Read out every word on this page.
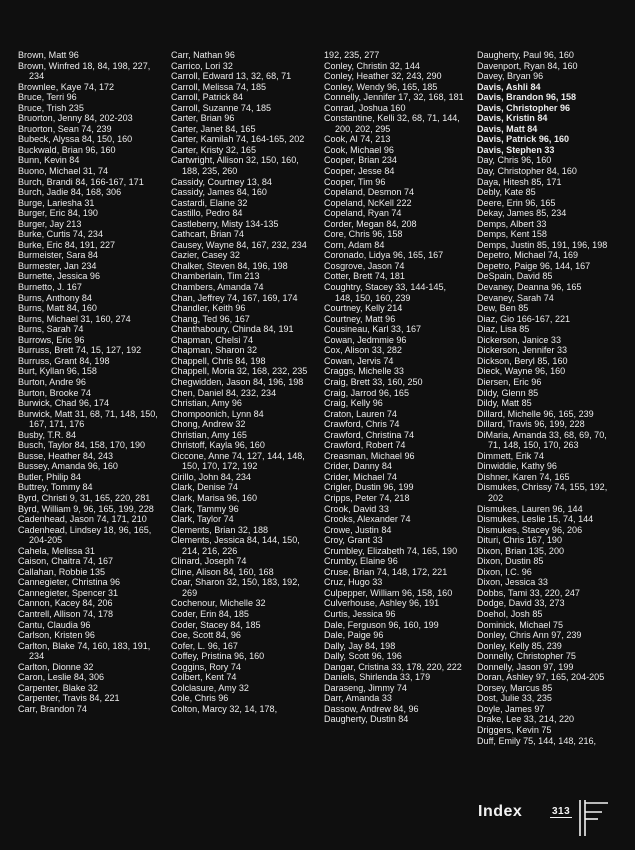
Brown, Matt 96
Brown, Winfred 18, 84, 198, 227, 234
Brownlee, Kaye 74, 172
Bruce, Terri 96
Bruce, Trish 235
Bruorton, Jenny 84, 202-203
Bruorton, Sean 74, 239
Bubeck, Alyssa 84, 150, 160
Buckwald, Brian 96, 160
Bunn, Kevin 84
Buono, Michael 31, 74
Burch, Brandi 84, 166-167, 171
Burch, Jadie 84, 168, 306
Burge, Lariesha 31
Burger, Eric 84, 190
Burger, Jay 213
Burke, Curtis 74, 234
Burke, Eric 84, 191, 227
Burmeister, Sara 84
Burmester, Jan 234
Burnette, Jessica 96
Burnetto, J. 167
Burns, Anthony 84
Burns, Matt 84, 160
Burns, Michael 31, 160, 274
Burns, Sarah 74
Burrows, Eric 96
Burruss, Brett 74, 15, 127, 192
Burruss, Grant 84, 198
Burt, Kyllan 96, 158
Burton, Andre 96
Burton, Brooke 74
Burwick, Chad 96, 174
Burwick, Matt 31, 68, 71, 148, 150, 167, 171, 176
Busby, T.R. 84
Busch, Taylor 84, 158, 170, 190
Busse, Heather 84, 243
Bussey, Amanda 96, 160
Butler, Philip 84
Buttrey, Tommy 84
Byrd, Christi 9, 31, 165, 220, 281
Byrd, William 9, 96, 165, 199, 228
Cadenhead, Jason 74, 171, 210
Cadenhead, Lindsey 18, 96, 165, 204-205
Cahela, Melissa 31
Caison, Chaitra 74, 167
Callahan, Robbie 135
Cannegieter, Christina 96
Cannegieter, Spencer 31
Cannon, Kacey 84, 206
Cantrell, Allison 74, 178
Cantu, Claudia 96
Carlson, Kristen 96
Carlton, Blake 74, 160, 183, 191, 234
Carlton, Dionne 32
Caron, Leslie 84, 306
Carpenter, Blake 32
Carpenter, Travis 84, 221
Carr, Brandon 74
Carr, Nathan 96
Carrico, Lori 32
Carroll, Edward 13, 32, 68, 71
Carroll, Melissa 74, 185
Carroll, Patrick 84
Carroll, Suzanne 74, 185
Carter, Brian 96
Carter, Janet 84, 165
Carter, Kamilah 74, 164-165, 202
Carter, Kristy 32, 165
Cartwright, Allison 32, 150, 160, 188, 235, 260
Cassidy, Courtney 13, 84
Cassidy, James 84, 160
Castardi, Elaine 32
Castillo, Pedro 84
Castleberry, Misty 134-135
Cathcart, Brian 74
Causey, Wayne 84, 167, 232, 234
Cazier, Casey 32
Chalker, Steven 84, 196, 198
Chamberlain, Tim 213
Chambers, Amanda 74
Chan, Jeffrey 74, 167, 169, 174
Chandler, Keith 96
Chang, Ted 96, 167
Chanthaboury, Chinda 84, 191
Chapman, Chelsi 74
Chapman, Sharon 32
Chappell, Chris 84, 198
Chappell, Moria 32, 168, 232, 235
Chegwidden, Jason 84, 196, 198
Chen, Daniel 84, 232, 234
Christian, Amy 96
Chompoonich, Lynn 84
Chong, Andrew 32
Christian, Amy 165
Christoff, Kayla 96, 160
Ciccone, Anne 74, 127, 144, 148, 150, 170, 172, 192
Cirillo, John 84, 234
Clark, Denise 74
Clark, Marisa 96, 160
Clark, Tammy 96
Clark, Taylor 74
Clements, Brian 32, 188
Clements, Jessica 84, 144, 150, 214, 216, 226
Clinard, Joseph 74
Cline, Alison 84, 160, 168
Coar, Sharon 32, 150, 183, 192, 269
Cochenour, Michelle 32
Coder, Erin 84, 185
Coder, Stacey 84, 185
Coe, Scott 84, 96
Cofer, L. 96, 167
Coffey, Pristina 96, 160
Coggins, Rory 74
Colbert, Kent 74
Colclasure, Amy 32
Cole, Chris 96
Colton, Marcy 32, 14, 178,
192, 235, 277
Conley, Christin 32, 144
Conley, Heather 32, 243, 290
Conley, Wendy 96, 165, 185
Connelly, Jennifer 17, 32, 168, 181
Conrad, Joshua 160
Constantine, Kelli 32, 68, 71, 144, 200, 202, 295
Cook, Al 74, 213
Cook, Michael 96
Cooper, Brian 234
Cooper, Jesse 84
Cooper, Tim 96
Copeland, Desmon 74
Copeland, NcKell 222
Copeland, Ryan 74
Corder, Megan 84, 208
Core, Chris 96, 158
Corn, Adam 84
Coronado, Lidya 96, 165, 167
Cosgrove, Jason 74
Cotter, Brett 74, 181
Coughtry, Stacey 33, 144-145, 148, 150, 160, 239
Courtney, Kelly 214
Courtney, Matt 96
Cousineau, Karl 33, 167
Cowan, Jedmmie 96
Cox, Alison 33, 282
Cowan, Jervis 74
Craggs, Michelle 33
Craig, Brett 33, 160, 250
Craig, Jarrod 96, 165
Craig, Kelly 96
Craton, Lauren 74
Crawford, Chris 74
Crawford, Christina 74
Crawford, Robert 74
Creasman, Michael 96
Crider, Danny 84
Crider, Michael 74
Crigler, Dustin 96, 199
Cripps, Peter 74, 218
Crook, David 33
Crooks, Alexander 74
Crowe, Justin 84
Croy, Grant 33
Crumbley, Elizabeth 74, 165, 190
Crumby, Elaine 96
Cruse, Brian 74, 148, 172, 221
Cruz, Hugo 33
Culpepper, William 96, 158, 160
Culverhouse, Ashley 96, 191
Curtis, Jessica 96
Dale, Ferguson 96, 160, 199
Dale, Paige 96
Dally, Jay 84, 198
Dally, Scott 96, 196
Dangar, Cristina 33, 178, 220, 222
Daniels, Shirlenda 33, 179
Daraseng, Jimmy 74
Darr, Amanda 33
Dassow, Andrew 84, 96
Daugherty, Dustin 84
Daugherty, Paul 96, 160
Davenport, Ryan 84, 160
Davey, Bryan 96
Davis, Ashli 84
Davis, Brandon 96, 158
Davis, Christopher 96
Davis, Kristin 84
Davis, Matt 84
Davis, Patrick 96, 160
Davis, Stephen 33
Day, Chris 96, 160
Day, Christopher 84, 160
Daya, Hitesh 85, 171
Debly, Kate 85
Deere, Erin 96, 165
Dekay, James 85, 234
Demps, Albert 33
Demps, Kent 158
Demps, Justin 85, 191, 196, 198
Depetro, Michael 74, 169
Depetro, Paige 96, 144, 167
DeSpain, David 85
Devaney, Deanna 96, 165
Devaney, Sarah 74
Dew, Ben 85
Diaz, Gio 166-167, 221
Diaz, Lisa 85
Dickerson, Janice 33
Dickerson, Jennifer 33
Dickson, Beryl 85, 160
Dieck, Wayne 96, 160
Diersen, Eric 96
Dildy, Glenn 85
Dildy, Matt 85
Dillard, Michelle 96, 165, 239
Dillard, Travis 96, 199, 228
DiMaria, Amanda 33, 68, 69, 70, 71, 148, 150, 170, 263
Dimmett, Erik 74
Dinwiddie, Kathy 96
Dishner, Karen 74, 165
Dismukes, Chrissy 74, 155, 192, 202
Dismukes, Lauren 96, 144
Dismukes, Leslie 15, 74, 144
Dismukes, Stacey 96, 206
Dituri, Chris 167, 190
Dixon, Brian 135, 200
Dixon, Dustin 85
Dixon, I.C. 96
Dixon, Jessica 33
Dobbs, Tami 33, 220, 247
Dodge, David 33, 273
Doehol, Josh 85
Dominick, Michael 75
Donley, Chris Ann 97, 239
Donley, Kelly 85, 239
Donnelly, Christopher 75
Donnelly, Jason 97, 199
Doran, Ashley 97, 165, 204-205
Dorsey, Marcus 85
Dost, Julie 33, 235
Doyle, James 97
Drake, Lee 33, 214, 220
Driggers, Kevin 75
Duff, Emily 75, 144, 148, 216,
Index	313
